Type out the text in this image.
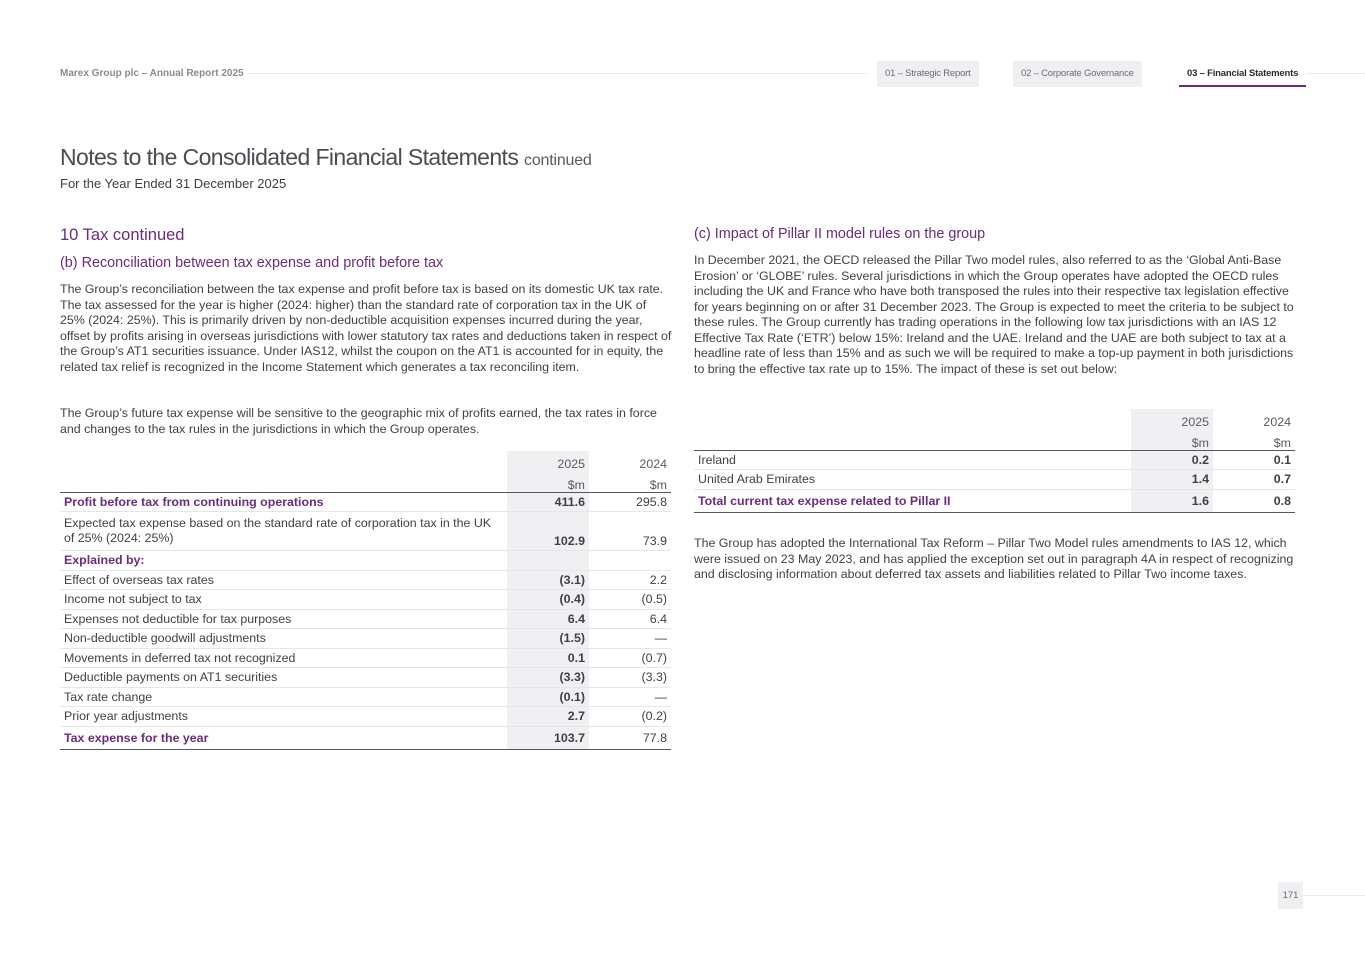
Marex Group plc – Annual Report 2025	01 – Strategic Report	02 – Corporate Governance	03 – Financial Statements
Notes to the Consolidated Financial Statements continued
For the Year Ended 31 December 2025
10 Tax continued
(b) Reconciliation between tax expense and profit before tax
The Group’s reconciliation between the tax expense and profit before tax is based on its domestic UK tax rate. The tax assessed for the year is higher (2024: higher) than the standard rate of corporation tax in the UK of 25% (2024: 25%). This is primarily driven by non-deductible acquisition expenses incurred during the year, offset by profits arising in overseas jurisdictions with lower statutory tax rates and deductions taken in respect of the Group’s AT1 securities issuance. Under IAS12, whilst the coupon on the AT1 is accounted for in equity, the related tax relief is recognized in the Income Statement which generates a tax reconciling item.
The Group’s future tax expense will be sensitive to the geographic mix of profits earned, the tax rates in force and changes to the tax rules in the jurisdictions in which the Group operates.
	2025	2024
	$m	$m
Profit before tax from continuing operations	411.6	295.8
Expected tax expense based on the standard rate of corporation tax in the UK of 25% (2024: 25%)	102.9	73.9
Explained by:		
Effect of overseas tax rates	(3.1)	2.2
Income not subject to tax	(0.4)	(0.5)
Expenses not deductible for tax purposes	6.4	6.4
Non-deductible goodwill adjustments	(1.5)	—
Movements in deferred tax not recognized	0.1	(0.7)
Deductible payments on AT1 securities	(3.3)	(3.3)
Tax rate change	(0.1)	—
Prior year adjustments	2.7	(0.2)
Tax expense for the year	103.7	77.8
(c) Impact of Pillar II model rules on the group
In December 2021, the OECD released the Pillar Two model rules, also referred to as the ‘Global Anti-Base Erosion’ or ‘GLOBE’ rules. Several jurisdictions in which the Group operates have adopted the OECD rules including the UK and France who have both transposed the rules into their respective tax legislation effective for years beginning on or after 31 December 2023. The Group is expected to meet the criteria to be subject to these rules. The Group currently has trading operations in the following low tax jurisdictions with an IAS 12 Effective Tax Rate (‘ETR’) below 15%: Ireland and the UAE. Ireland and the UAE are both subject to tax at a headline rate of less than 15% and as such we will be required to make a top-up payment in both jurisdictions to bring the effective tax rate up to 15%. The impact of these is set out below:
	2025	2024
	$m	$m
Ireland	0.2	0.1
United Arab Emirates	1.4	0.7
Total current tax expense related to Pillar II	1.6	0.8
The Group has adopted the International Tax Reform – Pillar Two Model rules amendments to IAS 12, which were issued on 23 May 2023, and has applied the exception set out in paragraph 4A in respect of recognizing and disclosing information about deferred tax assets and liabilities related to Pillar Two income taxes.
171
